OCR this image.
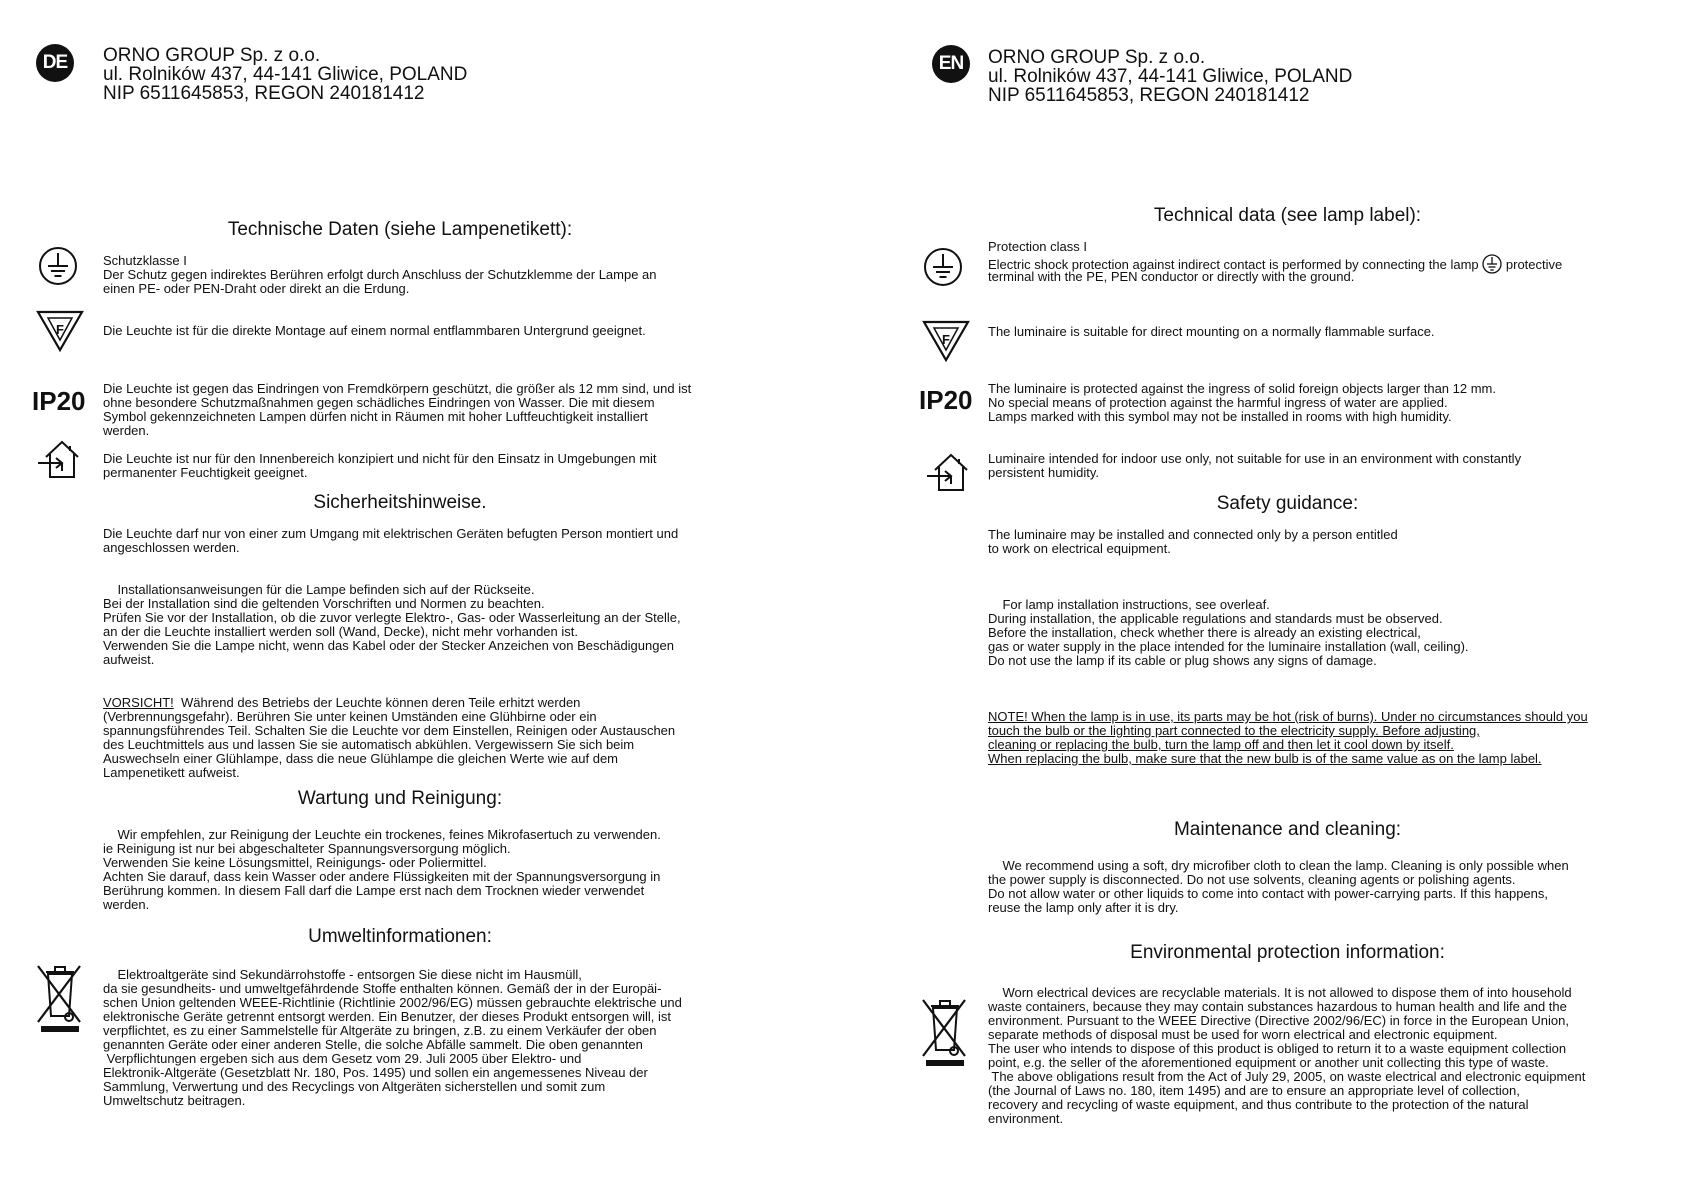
DE	ORNO GROUP Sp. z o.o.
ul. Rolników 437, 44-141 Gliwice, POLAND
NIP 6511645853, REGON 240181412
Technische Daten (siehe Lampenetikett):
Schutzklasse I
Der Schutz gegen indirektes Berühren erfolgt durch Anschluss der Schutzklemme der Lampe an
einen PE- oder PEN-Draht oder direkt an die Erdung.
F	Die Leuchte ist für die direkte Montage auf einem normal entflammbaren Untergrund geeignet.
IP20 Die Leuchte ist gegen das Eindringen von Fremdkörpern geschützt, die größer als 12 mm sind, und ist
ohne besondere Schutzmaßnahmen gegen schädliches Eindringen von Wasser. Die mit diesem
Symbol gekennzeichneten Lampen dürfen nicht in Räumen mit hoher Luftfeuchtigkeit installiert
werden.
Die Leuchte ist nur für den Innenbereich konzipiert und nicht für den Einsatz in Umgebungen mit
permanenter Feuchtigkeit geeignet.
Sicherheitshinweise.
Die Leuchte darf nur von einer zum Umgang mit elektrischen Geräten befugten Person montiert und
angeschlossen werden.
Installationsanweisungen für die Lampe befinden sich auf der Rückseite.
Bei der Installation sind die geltenden Vorschriften und Normen zu beachten.
Prüfen Sie vor der Installation, ob die zuvor verlegte Elektro-, Gas- oder Wasserleitung an der Stelle,
an der die Leuchte installiert werden soll (Wand, Decke), nicht mehr vorhanden ist.
Verwenden Sie die Lampe nicht, wenn das Kabel oder der Stecker Anzeichen von Beschädigungen
aufweist.
VORSICHT!  Während des Betriebs der Leuchte können deren Teile erhitzt werden
(Verbrennungsgefahr). Berühren Sie unter keinen Umständen eine Glühbirne oder ein
spannungsführendes Teil. Schalten Sie die Leuchte vor dem Einstellen, Reinigen oder Austauschen
des Leuchtmittels aus und lassen Sie sie automatisch abkühlen. Vergewissern Sie sich beim
Auswechseln einer Glühlampe, dass die neue Glühlampe die gleichen Werte wie auf dem
Lampenetikett aufweist.
Wartung und Reinigung:
Wir empfehlen, zur Reinigung der Leuchte ein trockenes, feines Mikrofasertuch zu verwenden.
ie Reinigung ist nur bei abgeschalteter Spannungsversorgung möglich.
Verwenden Sie keine Lösungsmittel, Reinigungs- oder Poliermittel.
Achten Sie darauf, dass kein Wasser oder andere Flüssigkeiten mit der Spannungsversorgung in
Berührung kommen. In diesem Fall darf die Lampe erst nach dem Trocknen wieder verwendet
werden.
Umweltinformationen:
Elektroaltgeräte sind Sekundärrohstoffe - entsorgen Sie diese nicht im Hausmüll,
da sie gesundheits- und umweltgefährdende Stoffe enthalten können. Gemäß der in der Europäi-
schen Union geltenden WEEE-Richtlinie (Richtlinie 2002/96/EG) müssen gebrauchte elektrische und
elektronische Geräte getrennt entsorgt werden. Ein Benutzer, der dieses Produkt entsorgen will, ist
verpflichtet, es zu einer Sammelstelle für Altgeräte zu bringen, z.B. zu einem Verkäufer der oben
genannten Geräte oder einer anderen Stelle, die solche Abfälle sammelt. Die oben genannten
Verpflichtungen ergeben sich aus dem Gesetz vom 29. Juli 2005 über Elektro- und
Elektronik-Altgeräte (Gesetzblatt Nr. 180, Pos. 1495) und sollen ein angemessenes Niveau der
Sammlung, Verwertung und des Recyclings von Altgeräten sicherstellen und somit zum
Umweltschutz beitragen.
EN	ORNO GROUP Sp. z o.o.
ul. Rolników 437, 44-141 Gliwice, POLAND
NIP 6511645853, REGON 240181412
Technical data (see lamp label):
Protection class I
Electric shock protection against indirect contact is performed by connecting the lamp protective
terminal with the PE, PEN conductor or directly with the ground.
F
The luminaire is suitable for direct mounting on a normally flammable surface.
IP20 The luminaire is protected against the ingress of solid foreign objects larger than 12 mm.
No special means of protection against the harmful ingress of water are applied.
Lamps marked with this symbol may not be installed in rooms with high humidity.
Luminaire intended for indoor use only, not suitable for use in an environment with constantly
persistent humidity.
Safety guidance:
The luminaire may be installed and connected only by a person entitled
to work on electrical equipment.
For lamp installation instructions, see overleaf.
During installation, the applicable regulations and standards must be observed.
Before the installation, check whether there is already an existing electrical,
gas or water supply in the place intended for the luminaire installation (wall, ceiling).
Do not use the lamp if its cable or plug shows any signs of damage.
NOTE! When the lamp is in use, its parts may be hot (risk of burns). Under no circumstances should you
touch the bulb or the lighting part connected to the electricity supply. Before adjusting,
cleaning or replacing the bulb, turn the lamp off and then let it cool down by itself.
When replacing the bulb, make sure that the new bulb is of the same value as on the lamp label.
Maintenance and cleaning:
We recommend using a soft, dry microfiber cloth to clean the lamp. Cleaning is only possible when
the power supply is disconnected. Do not use solvents, cleaning agents or polishing agents.
Do not allow water or other liquids to come into contact with power-carrying parts. If this happens,
reuse the lamp only after it is dry.
Environmental protection information:
Worn electrical devices are recyclable materials. It is not allowed to dispose them of into household
waste containers, because they may contain substances hazardous to human health and life and the
environment. Pursuant to the WEEE Directive (Directive 2002/96/EC) in force in the European Union,
separate methods of disposal must be used for worn electrical and electronic equipment.
The user who intends to dispose of this product is obliged to return it to a waste equipment collection
point, e.g. the seller of the aforementioned equipment or another unit collecting this type of waste.
The above obligations result from the Act of July 29, 2005, on waste electrical and electronic equipment
(the Journal of Laws no. 180, item 1495) and are to ensure an appropriate level of collection,
recovery and recycling of waste equipment, and thus contribute to the protection of the natural
environment.
